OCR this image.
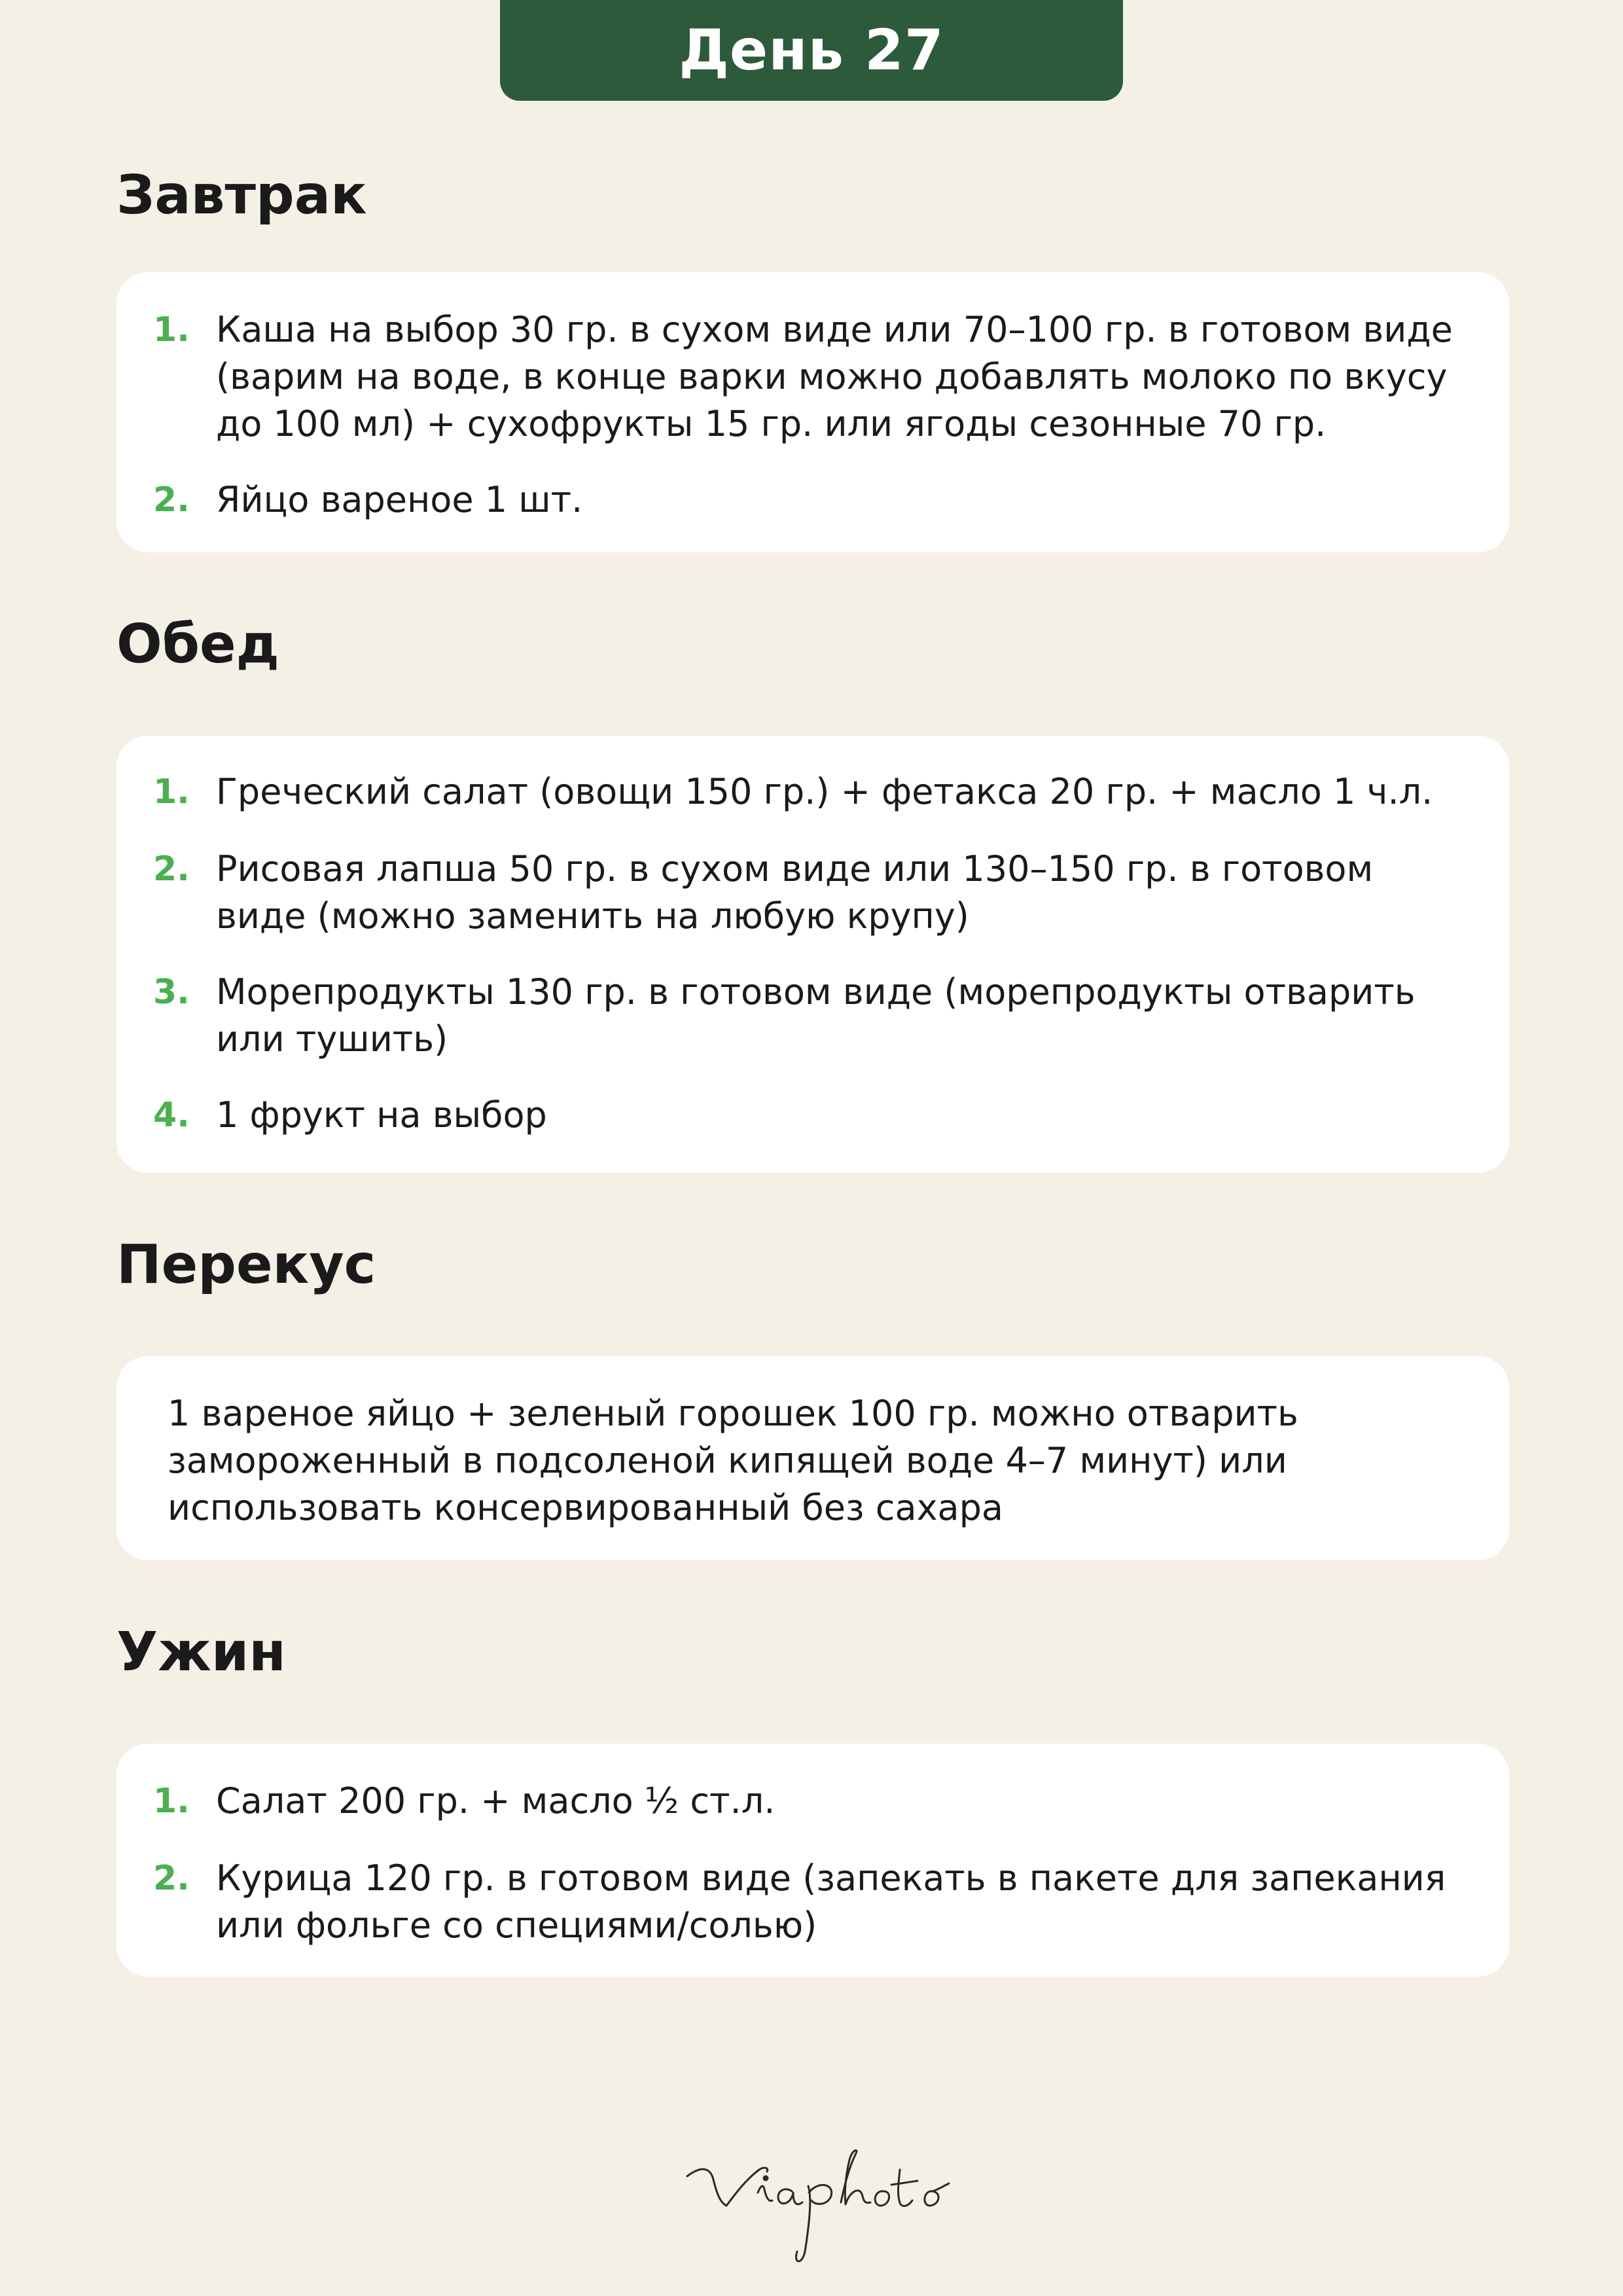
День 27
Завтрак
1. Каша на выбор 30 гр. в сухом виде или 70–100 гр. в готовом виде (варим на воде, в конце варки можно добавлять молоко по вкусу до 100 мл) + сухофрукты 15 гр. или ягоды сезонные 70 гр.
2. Яйцо вареное 1 шт.
Обед
1. Греческий салат (овощи 150 гр.) + фетакса 20 гр. + масло 1 ч.л.
2. Рисовая лапша 50 гр. в сухом виде или 130–150 гр. в готовом виде (можно заменить на любую крупу)
3. Морепродукты 130 гр. в готовом виде (морепродукты отварить или тушить)
4. 1 фрукт на выбор
Перекус
1 вареное яйцо + зеленый горошек 100 гр. можно отварить замороженный в подсоленой кипящей воде 4–7 минут) или использовать консервированный без сахара
Ужин
1. Салат 200 гр. + масло ½ ст.л.
2. Курица 120 гр. в готовом виде (запекать в пакете для запекания или фольге со специями/солью)
